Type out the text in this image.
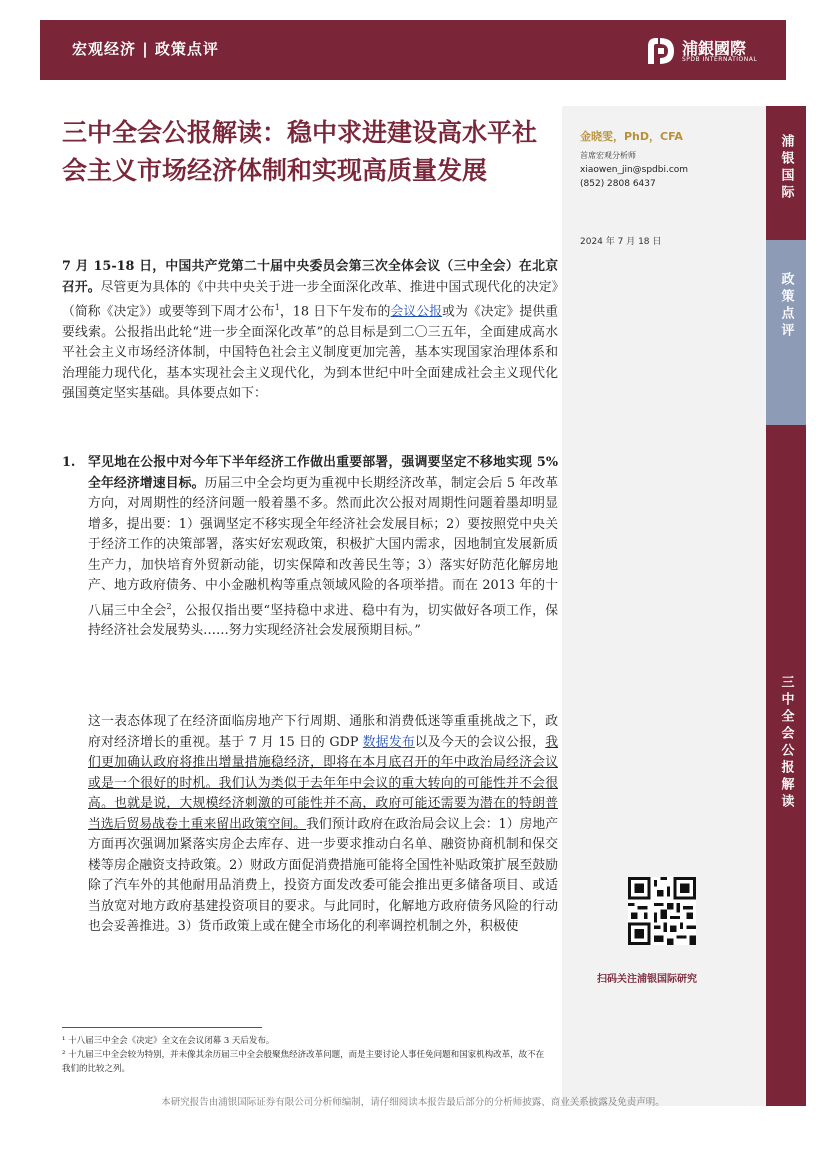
宏观经济 | 政策点评	浦銀國際
SPDB INTERNATIONAL
三中全会公报解读：稳中求进建设高水平社会主义市场经济体制和实现高质量发展
金晓雯，PhD，CFA
首席宏观分析师
xiaowen_jin@spdbi.com
(852) 2808 6437
2024 年 7 月 18 日
浦银国际
政策点评
三中全会公报解读
扫码关注浦银国际研究
7 月 15-18 日，中国共产党第二十届中央委员会第三次全体会议（三中全会）在北京召开。尽管更为具体的《中共中央关于进一步全面深化改革、推进中国式现代化的决定》（简称《决定》）或要等到下周才公布$^1$，18 日下午发布的会议公报或为《决定》提供重要线索。公报指出此轮“进一步全面深化改革”的总目标是到二〇三五年，全面建成高水平社会主义市场经济体制，中国特色社会主义制度更加完善，基本实现国家治理体系和治理能力现代化，基本实现社会主义现代化，为到本世纪中叶全面建成社会主义现代化强国奠定坚实基础。具体要点如下：
1. 罕见地在公报中对今年下半年经济工作做出重要部署，强调要坚定不移地实现 5%全年经济增速目标。历届三中全会均更为重视中长期经济改革，制定会后 5 年改革方向，对周期性的经济问题一般着墨不多。然而此次公报对周期性问题着墨却明显增多，提出要：1）强调坚定不移实现全年经济社会发展目标；2）要按照党中央关于经济工作的决策部署，落实好宏观政策，积极扩大国内需求，因地制宜发展新质生产力，加快培育外贸新动能，切实保障和改善民生等；3）落实好防范化解房地产、地方政府债务、中小金融机构等重点领域风险的各项举措。而在 2013 年的十八届三中全会$^2$，公报仅指出要“坚持稳中求进、稳中有为，切实做好各项工作，保持经济社会发展势头……努力实现经济社会发展预期目标。”
这一表态体现了在经济面临房地产下行周期、通胀和消费低迷等重重挑战之下，政府对经济增长的重视。基于 7 月 15 日的 GDP 数据发布以及今天的会议公报，我们更加确认政府将推出增量措施稳经济，即将在本月底召开的年中政治局经济会议或是一个很好的时机。我们认为类似于去年年中会议的重大转向的可能性并不会很高。也就是说，大规模经济刺激的可能性并不高，政府可能还需要为潜在的特朗普当选后贸易战卷土重来留出政策空间。我们预计政府在政治局会议上会：1）房地产方面再次强调加紧落实房企去库存、进一步要求推动白名单、融资协商机制和保交楼等房企融资支持政策。2）财政方面促消费措施可能将全国性补贴政策扩展至鼓励除了汽车外的其他耐用品消费上，投资方面发改委可能会推出更多储备项目、或适当放宽对地方政府基建投资项目的要求。与此同时，化解地方政府债务风险的行动也会妥善推进。3）货币政策上或在健全市场化的利率调控机制之外，积极使
¹ 十八届三中全会《决定》全文在会议闭幕 3 天后发布。
² 十九届三中全会较为特别，并未像其余历届三中全会般聚焦经济改革问题，而是主要讨论人事任免问题和国家机构改革，故不在我们的比较之列。
本研究报告由浦银国际证券有限公司分析师编制，请仔细阅读本报告最后部分的分析师披露、商业关系披露及免责声明。
